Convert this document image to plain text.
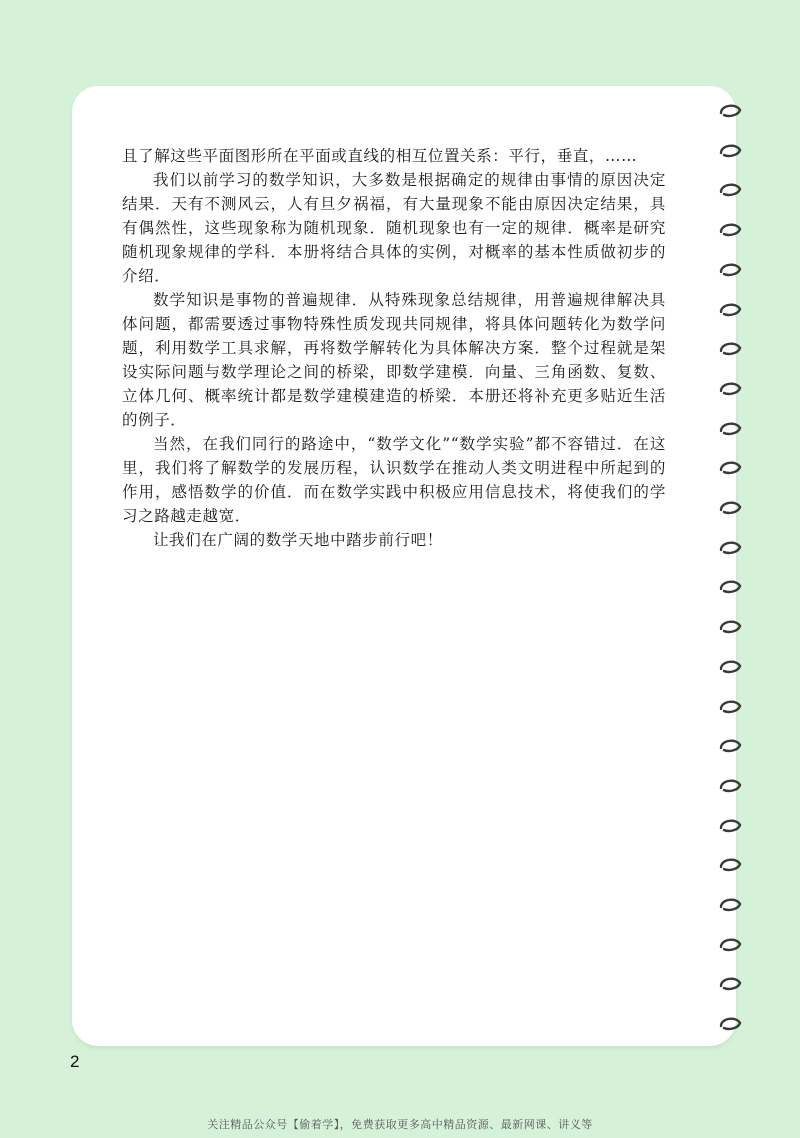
且了解这些平面图形所在平面或直线的相互位置关系：平行，垂直，……

我们以前学习的数学知识，大多数是根据确定的规律由事情的原因决定结果．天有不测风云，人有旦夕祸福，有大量现象不能由原因决定结果，具有偶然性，这些现象称为随机现象．随机现象也有一定的规律．概率是研究随机现象规律的学科．本册将结合具体的实例，对概率的基本性质做初步的介绍．

数学知识是事物的普遍规律．从特殊现象总结规律，用普遍规律解决具体问题，都需要透过事物特殊性质发现共同规律，将具体问题转化为数学问题，利用数学工具求解，再将数学解转化为具体解决方案．整个过程就是架设实际问题与数学理论之间的桥梁，即数学建模．向量、三角函数、复数、立体几何、概率统计都是数学建模建造的桥梁．本册还将补充更多贴近生活的例子．

当然，在我们同行的路途中，“数学文化”“数学实验”都不容错过．在这里，我们将了解数学的发展历程，认识数学在推动人类文明进程中所起到的作用，感悟数学的价值．而在数学实践中积极应用信息技术，将使我们的学习之路越走越宽．

让我们在广阔的数学天地中踏步前行吧！

2
关注精品公众号【偷着学】，免费获取更多高中精品资源、最新网课、讲义等
